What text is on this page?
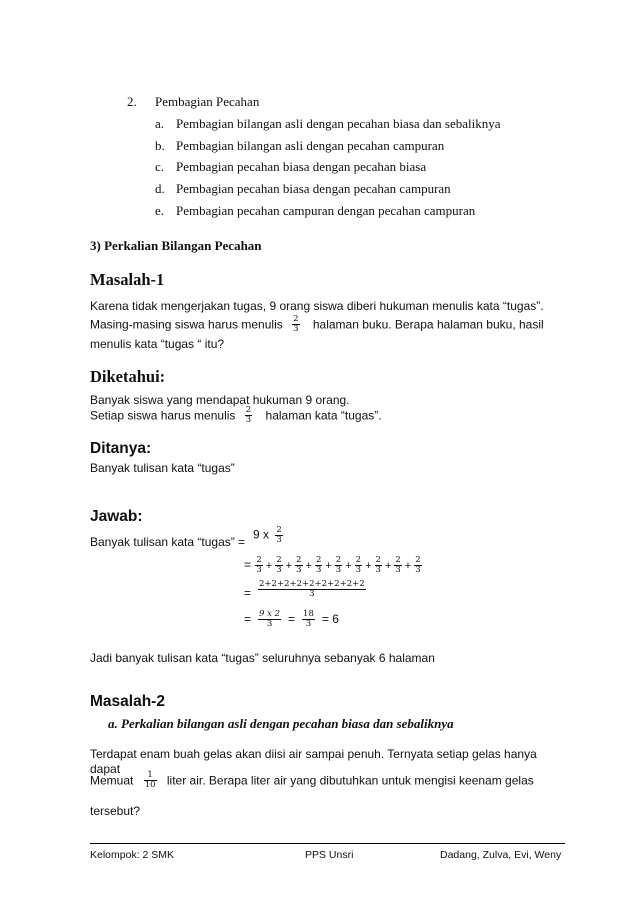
2. Pembagian Pecahan
a. Pembagian bilangan asli dengan pecahan biasa dan sebaliknya
b. Pembagian bilangan asli dengan pecahan campuran
c. Pembagian pecahan biasa dengan pecahan biasa
d. Pembagian pecahan biasa dengan pecahan campuran
e. Pembagian pecahan campuran dengan pecahan campuran
3) Perkalian Bilangan Pecahan
Masalah-1
Karena tidak mengerjakan tugas, 9 orang siswa diberi hukuman menulis kata “tugas”.
Masing-masing siswa harus menulis $\frac{2}{3}$ halaman buku. Berapa halaman buku, hasil
menulis kata “tugas “ itu?
Diketahui:
Banyak siswa yang mendapat hukuman 9 orang.
Setiap siswa harus menulis $\frac{2}{3}$ halaman kata “tugas”.
Ditanya:
Banyak tulisan kata “tugas”
Jawab:
Banyak tulisan kata “tugas” =
9 x $\frac{2}{3}$
= $\frac{2}{3} + \frac{2}{3} + \frac{2}{3} + \frac{2}{3} + \frac{2}{3} + \frac{2}{3} + \frac{2}{3} + \frac{2}{3} + \frac{2}{3}$
$_= \frac{2+2+2+2+2+2+2+2+2}{3}$
= $\frac{9 x 2}{3} = \frac{18}{3} = 6$
Jadi banyak tulisan kata “tugas” seluruhnya sebanyak 6 halaman
Masalah-2
a. Perkalian bilangan asli dengan pecahan biasa dan sebaliknya
Terdapat enam buah gelas akan diisi air sampai penuh. Ternyata setiap gelas hanya
dapat
Memuat $\frac{1}{10}$ liter air. Berapa liter air yang dibutuhkan untuk mengisi keenam gelas
tersebut?
Kelompok: 2 SMK	PPS Unsri	Dadang, Zulva, Evi, Weny
